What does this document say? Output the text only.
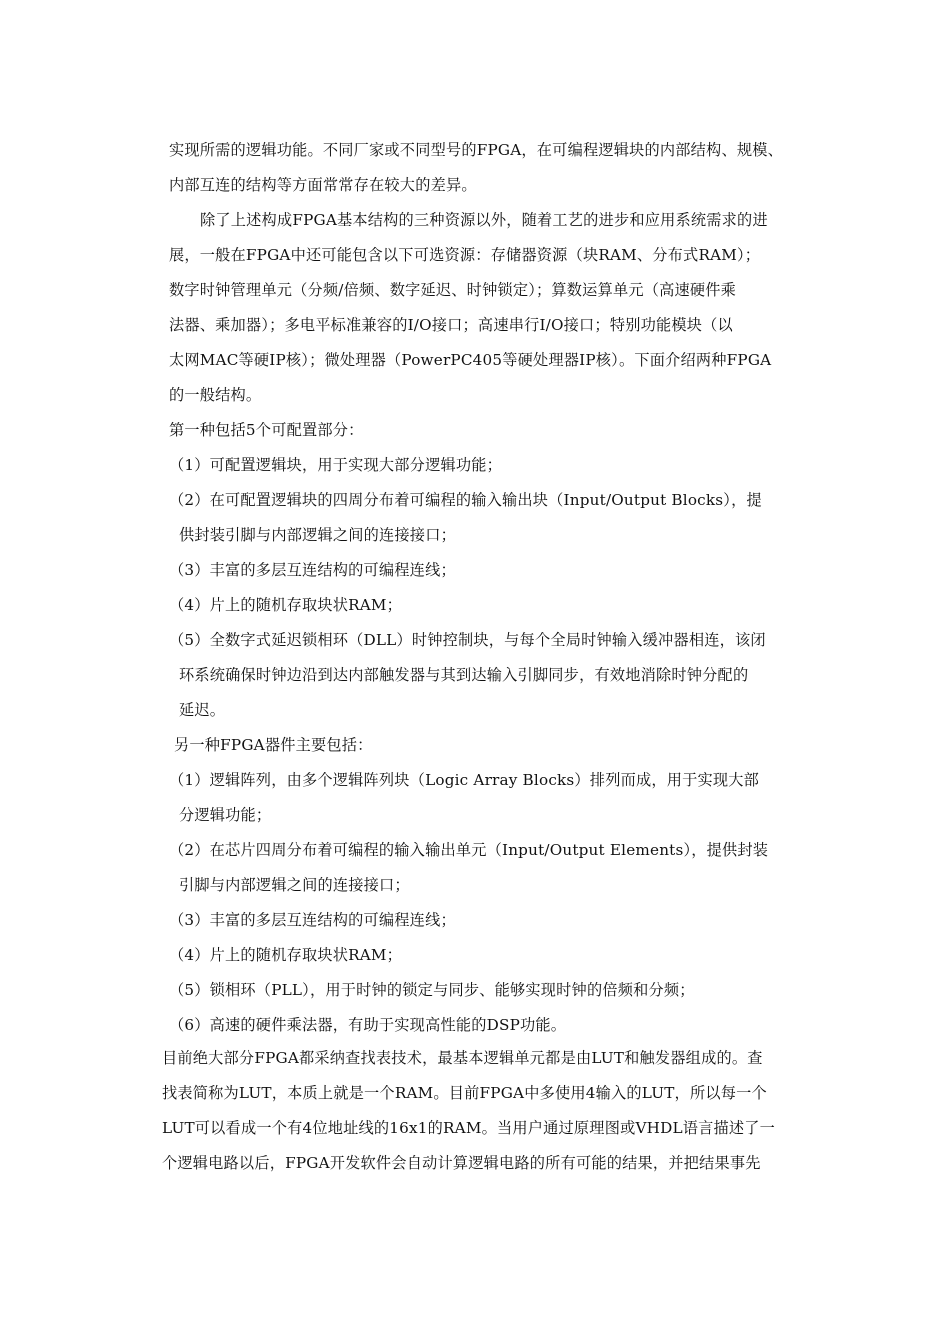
实现所需的逻辑功能。不同厂家或不同型号的FPGA，在可编程逻辑块的内部结构、规模、
内部互连的结构等方面常常存在较大的差异。
除了上述构成FPGA基本结构的三种资源以外，随着工艺的进步和应用系统需求的进
展，一般在FPGA中还可能包含以下可选资源：存储器资源（块RAM、分布式RAM）；
数字时钟管理单元（分频/倍频、数字延迟、时钟锁定）；算数运算单元（高速硬件乘
法器、乘加器）；多电平标准兼容的I/O接口；高速串行I/O接口；特别功能模块（以
太网MAC等硬IP核）；微处理器（PowerPC405等硬处理器IP核）。下面介绍两种FPGA
的一般结构。
第一种包括5个可配置部分：
（1）可配置逻辑块，用于实现大部分逻辑功能；
（2）在可配置逻辑块的四周分布着可编程的输入输出块（Input/Output Blocks），提
供封装引脚与内部逻辑之间的连接接口；
（3）丰富的多层互连结构的可编程连线；
（4）片上的随机存取块状RAM；
（5）全数字式延迟锁相环（DLL）时钟控制块，与每个全局时钟输入缓冲器相连，该闭
环系统确保时钟边沿到达内部触发器与其到达输入引脚同步，有效地消除时钟分配的
延迟。
另一种FPGA器件主要包括：
（1）逻辑阵列，由多个逻辑阵列块（Logic Array Blocks）排列而成，用于实现大部
分逻辑功能；
（2）在芯片四周分布着可编程的输入输出单元（Input/Output Elements），提供封装
引脚与内部逻辑之间的连接接口；
（3）丰富的多层互连结构的可编程连线；
（4）片上的随机存取块状RAM；
（5）锁相环（PLL），用于时钟的锁定与同步、能够实现时钟的倍频和分频；
（6）高速的硬件乘法器，有助于实现高性能的DSP功能。
目前绝大部分FPGA都采纳查找表技术，最基本逻辑单元都是由LUT和触发器组成的。查
找表简称为LUT，本质上就是一个RAM。目前FPGA中多使用4输入的LUT，所以每一个
LUT可以看成一个有4位地址线的16x1的RAM。当用户通过原理图或VHDL语言描述了一
个逻辑电路以后，FPGA开发软件会自动计算逻辑电路的所有可能的结果，并把结果事先
